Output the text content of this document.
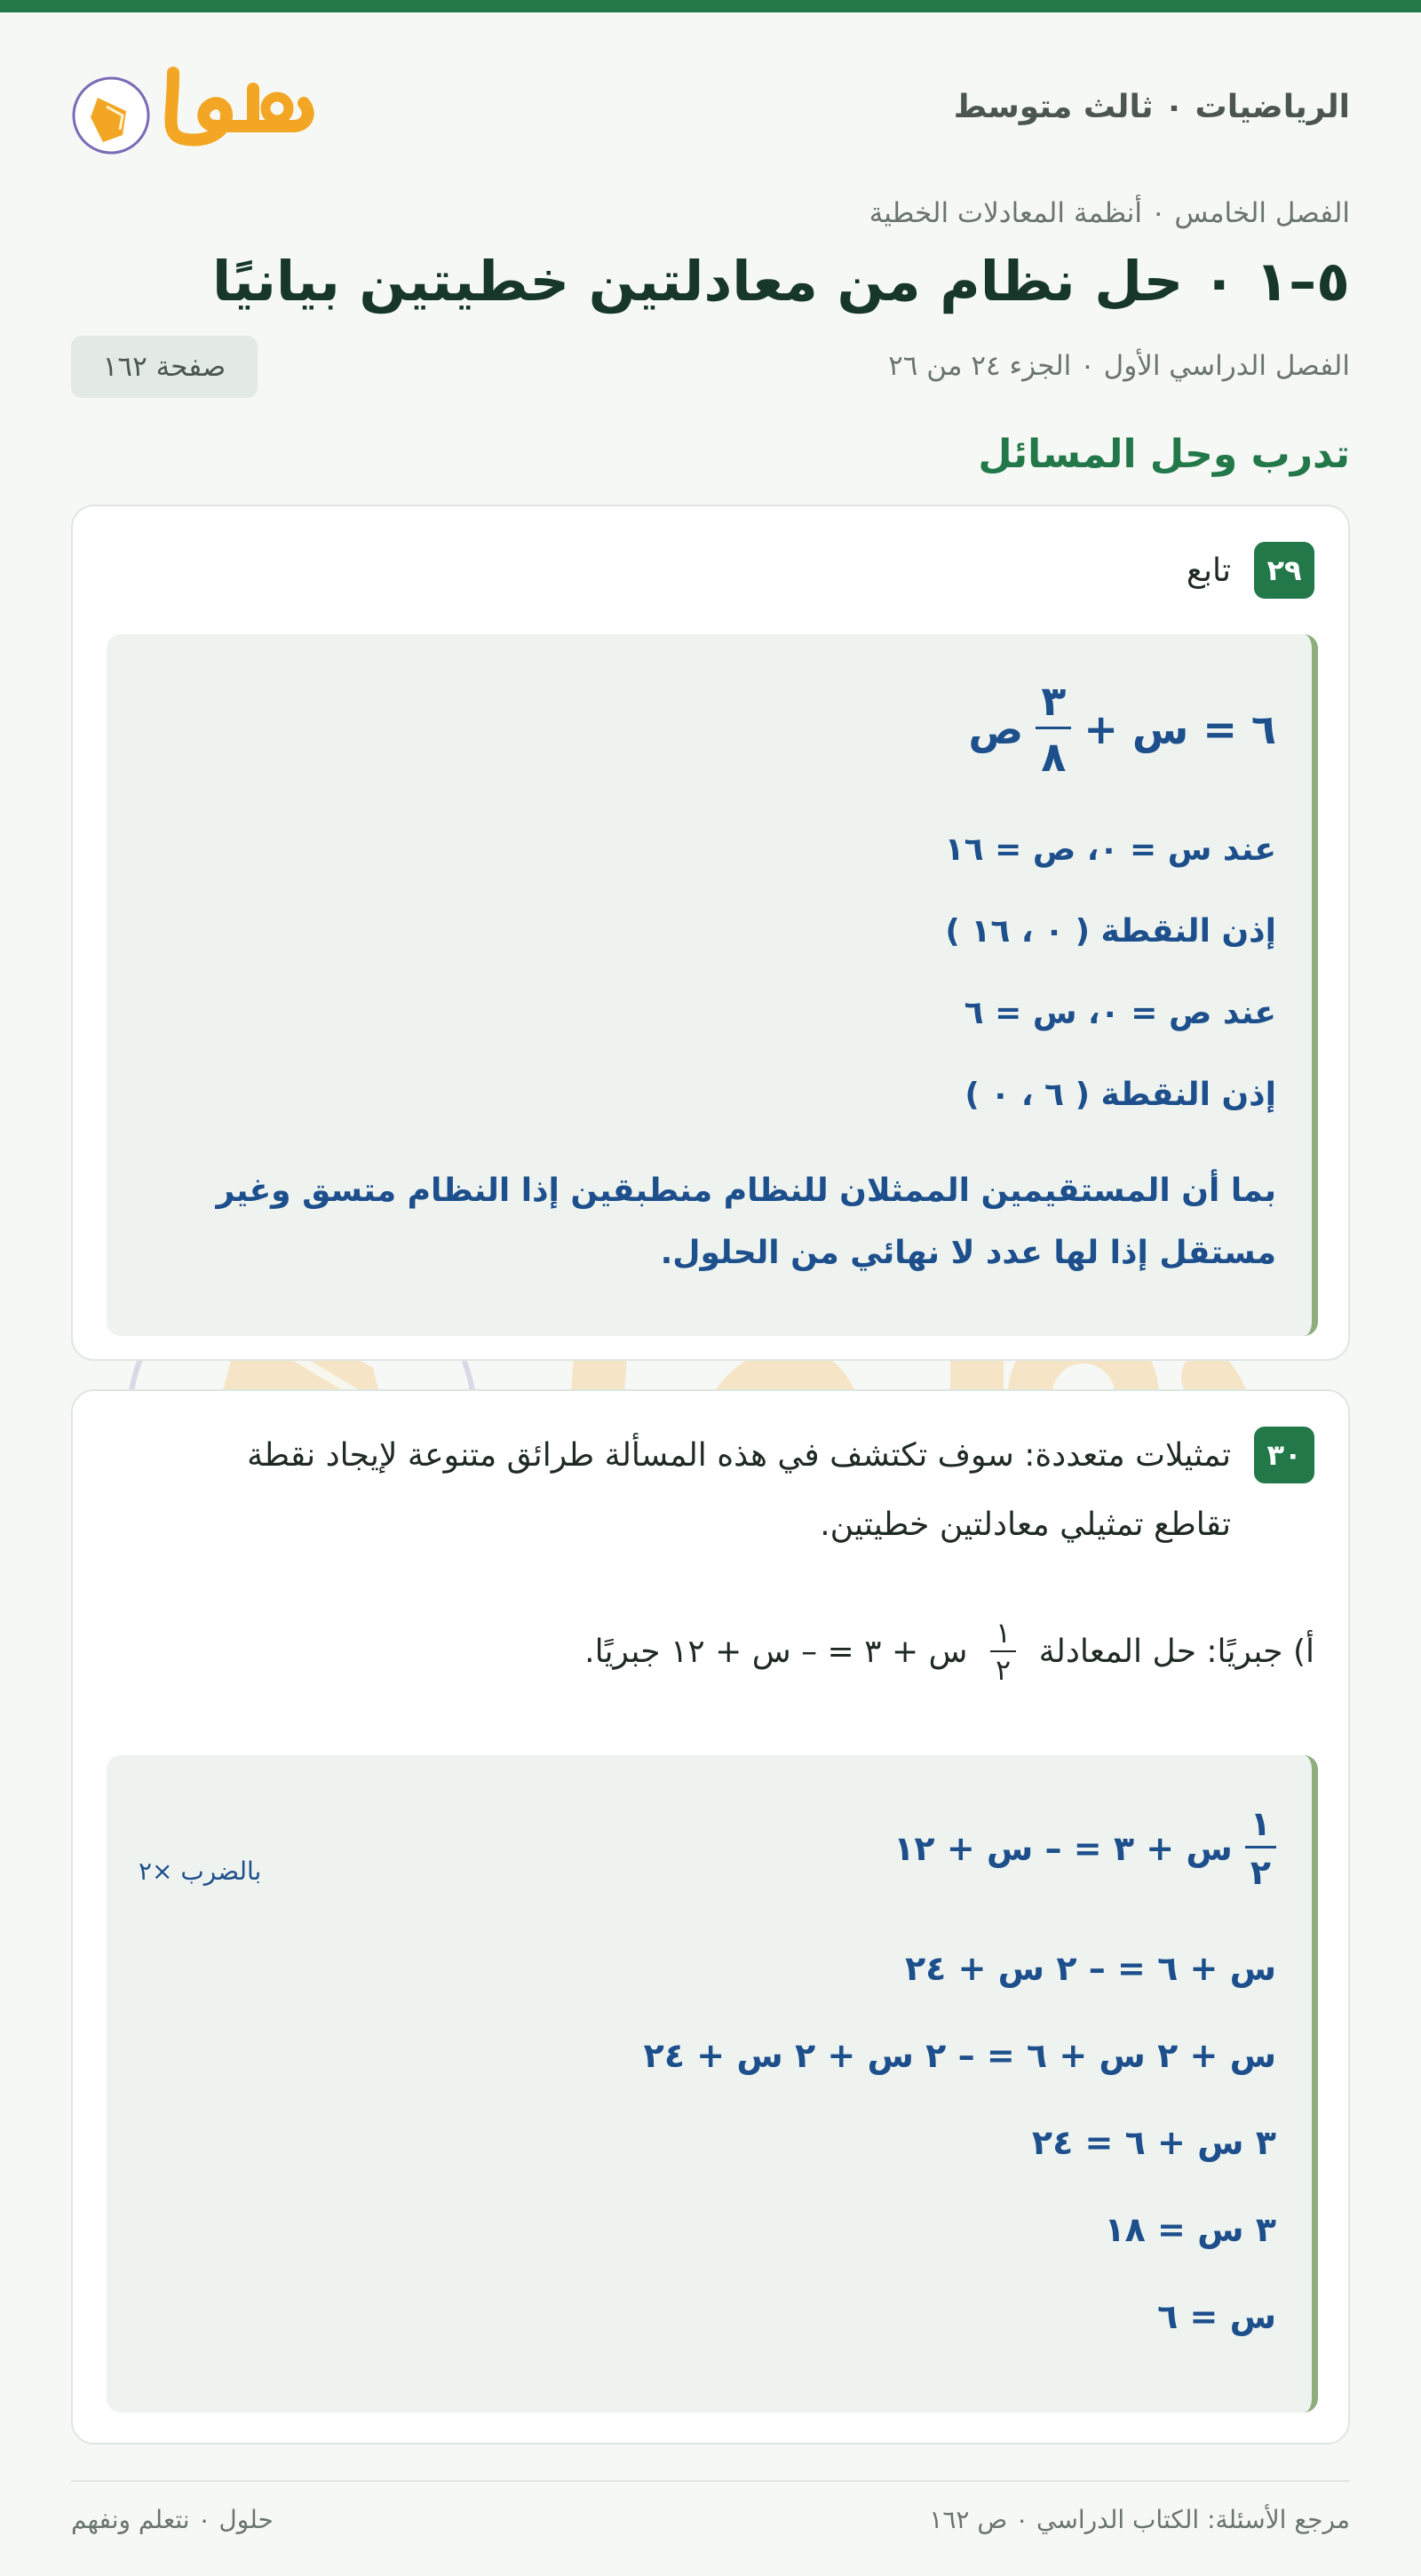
الرياضيات ٠ ثالث متوسط
الفصل الخامس ٠ أنظمة المعادلات الخطية
٥–١ ٠ حل نظام من معادلتين خطيتين بيانيًا
الفصل الدراسي الأول ٠ الجزء ٢٤ من ٢٦
صفحة ١٦٢
تدرب وحل المسائل
٢٩
تابع
٦ = س +
$\frac{٣}{٨}$
ص
عند س = ٠، ص = ١٦
إذن النقطة ( ٠ ، ١٦ )
عند ص = ٠، س = ٦
إذن النقطة ( ٦ ، ٠ )
بما أن المستقيمين الممثلان للنظام منطبقين إذا النظام متسق وغير مستقل إذا لها عدد لا نهائي من الحلول.
٣٠
تمثيلات متعددة: سوف تكتشف في هذه المسألة طرائق متنوعة لإيجاد نقطة تقاطع تمثيلي معادلتين خطيتين.
أ) جبريًا: حل المعادلة
$\frac{١}{٢}$
س + ٣ = – س + ١٢ جبريًا.
بالضرب ×٢	$\frac{١}{٢}$
س + ٣ = – س + ١٢
س + ٦ = – ٢ س + ٢٤
س + ٢ س + ٦ = – ٢ س + ٢ س + ٢٤
٣ س + ٦ = ٢٤
٣ س = ١٨
س = ٦
مرجع الأسئلة: الكتاب الدراسي ٠ ص ١٦٢
حلول ٠ نتعلم ونفهم
